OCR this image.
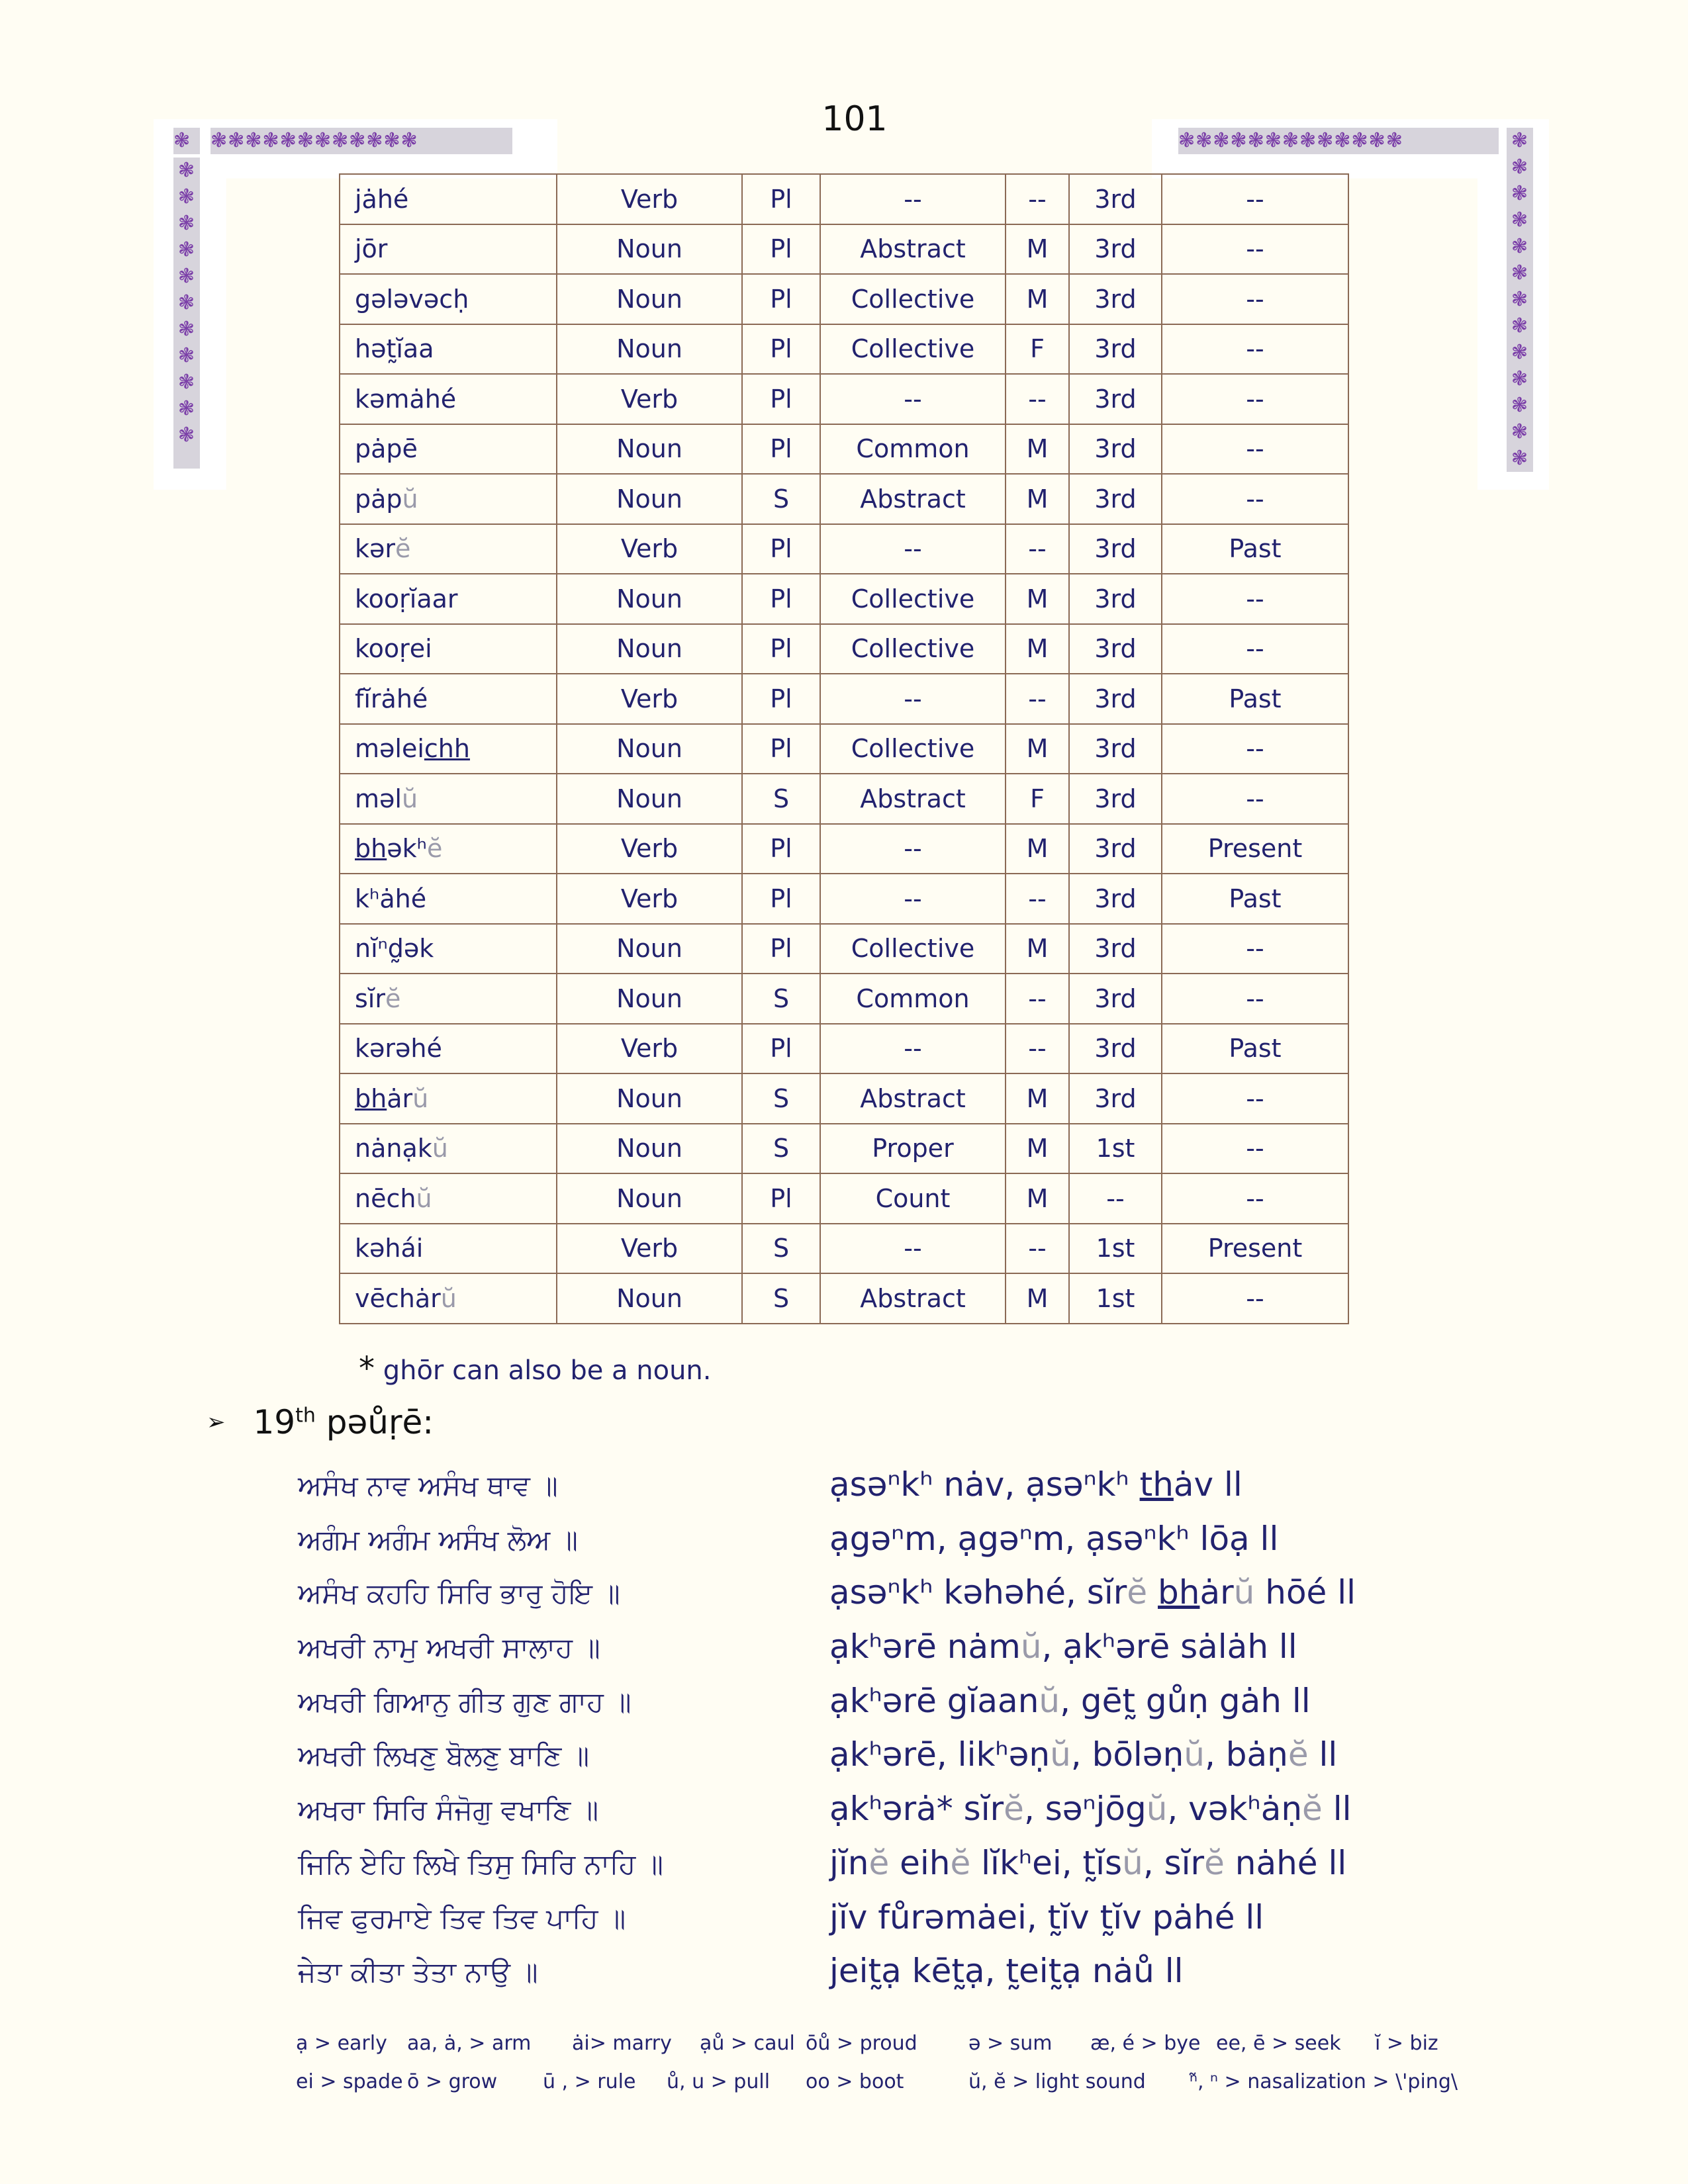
101
❃ ❃❃❃❃❃❃❃❃❃❃❃❃
❃❃❃❃❃❃❃❃❃❃❃
❃❃❃❃❃❃❃❃❃❃❃❃❃	❃❃❃❃❃❃❃❃❃❃❃❃❃
jȧhé	Verb	Pl	--	--	3rd	--
jōr	Noun	Pl	Abstract	M	3rd	--
gələvəcḥ	Noun	Pl	Collective	M	3rd	--
hət̰ĭaa	Noun	Pl	Collective	F	3rd	--
kəmȧhé	Verb	Pl	--	--	3rd	--
pȧpē	Noun	Pl	Common	M	3rd	--
pȧpŭ	Noun	S	Abstract	M	3rd	--
kərĕ	Verb	Pl	--	--	3rd	Past
kooṛĭaar	Noun	Pl	Collective	M	3rd	--
kooṛei	Noun	Pl	Collective	M	3rd	--
fĭrȧhé	Verb	Pl	--	--	3rd	Past
məleichh	Noun	Pl	Collective	M	3rd	--
məlŭ	Noun	S	Abstract	F	3rd	--
bhəkʰĕ	Verb	Pl	--	M	3rd	Present
kʰȧhé	Verb	Pl	--	--	3rd	Past
nĭⁿd̰ək	Noun	Pl	Collective	M	3rd	--
sĭrĕ	Noun	S	Common	--	3rd	--
kərəhé	Verb	Pl	--	--	3rd	Past
bhȧrŭ	Noun	S	Abstract	M	3rd	--
nȧnạkŭ	Noun	S	Proper	M	1st	--
nēchŭ	Noun	Pl	Count	M	--	--
kəhái	Verb	S	--	--	1st	Present
vēchȧrŭ	Noun	S	Abstract	M	1st	--
* ghōr can also be a noun.
➢ 19th pəůṛē:
ਅਸੰਖ ਨਾਵ ਅਸੰਖ ਥਾਵ ॥	ạsəⁿkʰ nȧv, ạsəⁿkʰ thȧv ll
ਅਗੰਮ ਅਗੰਮ ਅਸੰਖ ਲੋਅ ॥	ạgəⁿm, ạgəⁿm, ạsəⁿkʰ lōạ ll
ਅਸੰਖ ਕਹਹਿ ਸਿਰਿ ਭਾਰੁ ਹੋਇ ॥	ạsəⁿkʰ kəhəhé, sĭrĕ bhȧrŭ hōé ll
ਅਖਰੀ ਨਾਮੁ ਅਖਰੀ ਸਾਲਾਹ ॥	ạkʰərē nȧmŭ, ạkʰərē sȧlȧh ll
ਅਖਰੀ ਗਿਆਨੁ ਗੀਤ ਗੁਣ ਗਾਹ ॥	ạkʰərē gĭaanŭ, gēt̰ gůṇ gȧh ll
ਅਖਰੀ ਲਿਖਣੁ ਬੋਲਣੁ ਬਾਣਿ ॥	ạkʰərē, likʰəṇŭ, bōləṇŭ, bȧṇĕ ll
ਅਖਰਾ ਸਿਰਿ ਸੰਜੋਗੁ ਵਖਾਣਿ ॥	ạkʰərȧ* sĭrĕ, səⁿjōgŭ, vəkʰȧṇĕ ll
ਜਿਨਿ ਏਹਿ ਲਿਖੇ ਤਿਸੁ ਸਿਰਿ ਨਾਹਿ ॥	jĭnĕ eihĕ lĭkʰei, t̰ĭsŭ, sĭrĕ nȧhé ll
ਜਿਵ ਫੁਰਮਾਏ ਤਿਵ ਤਿਵ ਪਾਹਿ ॥	jĭv fůrəmȧei, t̰ĭv t̰ĭv pȧhé ll
ਜੇਤਾ ਕੀਤਾ ਤੇਤਾ ਨਾਉ ॥	jeit̰ạ kēt̰ạ, t̰eit̰ạ nȧů ll
ạ > early aa, ȧ, > arm ȧi> marry ạů > caul ōů > proud	ə > sum æ, é > bye ee, ē > seek ĭ > biz
ei > spade ō > grow ū , > rule ů, u > pull oo > boot	ŭ, ĕ > light sound ⁿ̃, ⁿ > nasalization > \'ping\
